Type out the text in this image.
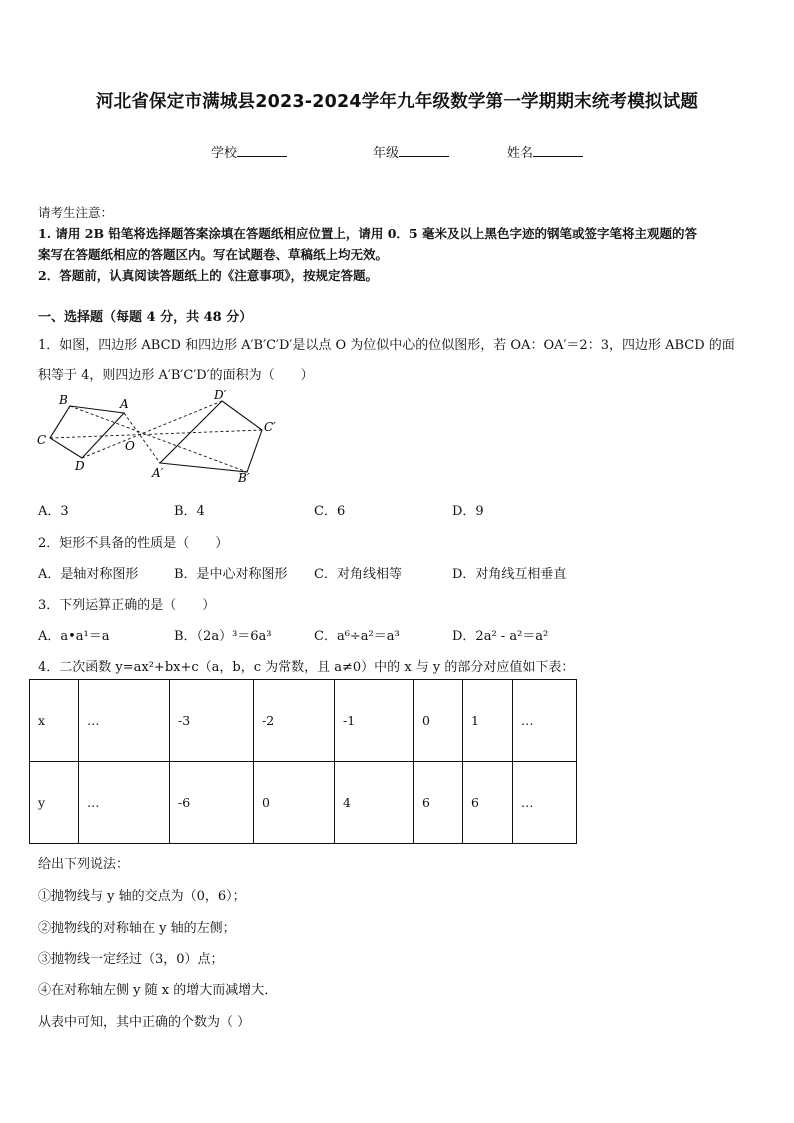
河北省保定市满城县2023-2024学年九年级数学第一学期期末统考模拟试题
学校	年级	姓名
请考生注意：
1. 请用 2B 铅笔将选择题答案涂填在答题纸相应位置上，请用 0．5 毫米及以上黑色字迹的钢笔或签字笔将主观题的答
案写在答题纸相应的答题区内。写在试题卷、草稿纸上均无效。
2．答题前，认真阅读答题纸上的《注意事项》，按规定答题。
一、选择题（每题 4 分，共 48 分）
1．如图，四边形 ABCD 和四边形 A′B′C′D′是以点 O 为位似中心的位似图形，若 OA：OA′＝2：3，四边形 ABCD 的面
积等于 4，则四边形 A′B′C′D′的面积为（　　）
B	A
C
D
O
D′
C′
A′	B′
A．3	B．4	C．6	D．9
2．矩形不具备的性质是（　　）
A．是轴对称图形	B．是中心对称图形 C．对角线相等	D．对角线互相垂直
3．下列运算正确的是（　　）
A．a•a¹＝a	B．（2a）³＝6a³	C．a⁶÷a²＝a³	D．2a² - a²＝a²
4．二次函数 y=ax²+bx+c（a，b，c 为常数，且 a≠0）中的 x 与 y 的部分对应值如下表：
x	…	-3	-2	-1	0	1	…
y	…	-6	0	4	6	6	…
给出下列说法：
①抛物线与 y 轴的交点为（0，6）；
②抛物线的对称轴在 y 轴的左侧；
③抛物线一定经过（3，0）点；
④在对称轴左侧 y 随 x 的增大而减增大．
从表中可知，其中正确的个数为（ ）
